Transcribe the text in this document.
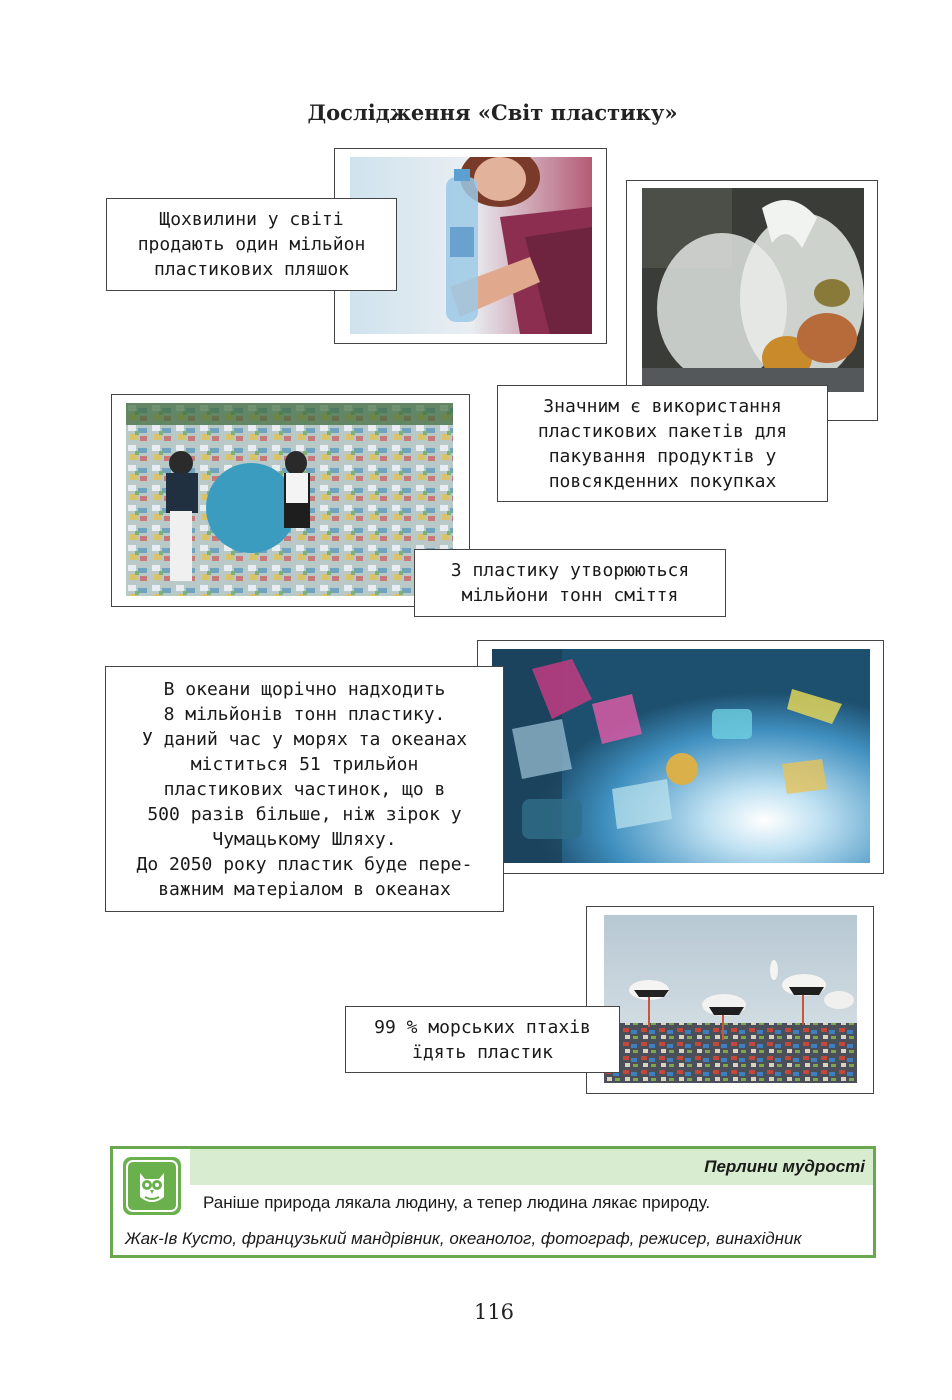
Дослідження «Світ пластику»
Щохвилини у світі
продають один мільйон
пластикових пляшок
Значним є використання
пластикових пакетів для
пакування продуктів у
повсякденних покупках
З пластику утворюються
мільйони тонн сміття
В океани щорічно надходить
8 мільйонів тонн пластику.
У даний час у морях та океанах
міститься 51 трильйон
пластикових частинок, що в
500 разів більше, ніж зірок у
Чумацькому Шляху.
До 2050 року пластик буде пере-
важним матеріалом в океанах
99 % морських птахів
їдять пластик
Перлини мудрості
Раніше природа лякала людину, а тепер людина лякає природу.
Жак-Ів Кусто, французький мандрівник, океанолог, фотограф, режисер, винахідник
116
